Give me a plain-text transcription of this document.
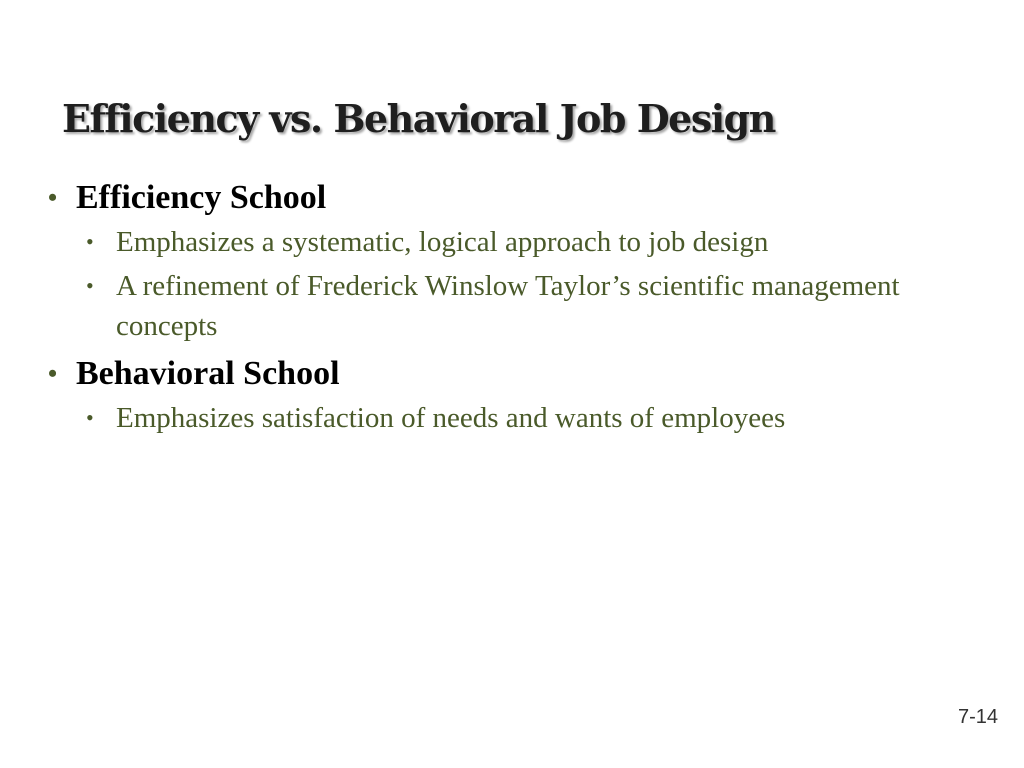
Efficiency vs. Behavioral Job Design
• Efficiency School
• Emphasizes a systematic, logical approach to job design
• A refinement of Frederick Winslow Taylor’s scientific management concepts
• Behavioral School
• Emphasizes satisfaction of needs and wants of employees
7-14
